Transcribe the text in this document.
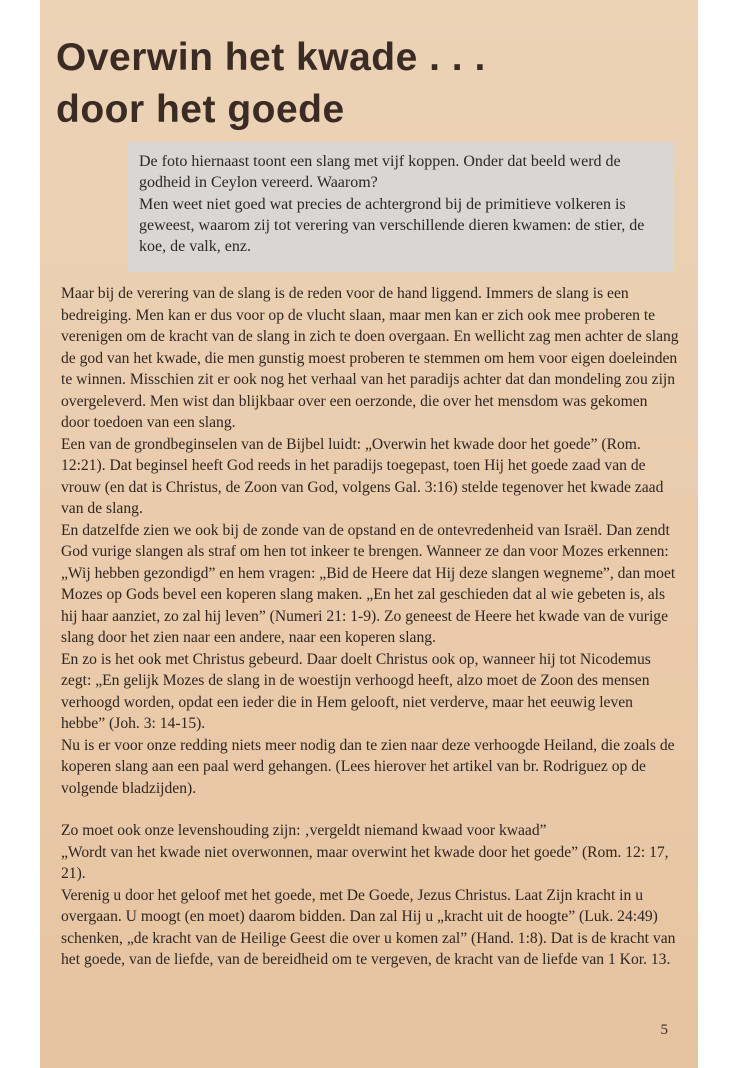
Overwin het kwade . . .
door het goede

De foto hiernaast toont een slang met vijf koppen. Onder dat beeld werd de godheid in Ceylon vereerd. Waarom?

Men weet niet goed wat precies de achtergrond bij de primitieve volkeren is geweest, waarom zij tot verering van verschillende dieren kwamen: de stier, de koe, de valk, enz.

Maar bij de verering van de slang is de reden voor de hand liggend. Immers de slang is een bedreiging. Men kan er dus voor op de vlucht slaan, maar men kan er zich ook mee proberen te verenigen om de kracht van de slang in zich te doen overgaan. En wellicht zag men achter de slang de god van het kwade, die men gunstig moest proberen te stemmen om hem voor eigen doeleinden te winnen. Misschien zit er ook nog het verhaal van het paradijs achter dat dan mondeling zou zijn overgeleverd. Men wist dan blijkbaar over een oerzonde, die over het mensdom was gekomen door toedoen van een slang.

Een van de grondbeginselen van de Bijbel luidt: „Overwin het kwade door het goede” (Rom. 12:21). Dat beginsel heeft God reeds in het paradijs toegepast, toen Hij het goede zaad van de vrouw (en dat is Christus, de Zoon van God, volgens Gal. 3:16) stelde tegenover het kwade zaad van de slang.

En datzelfde zien we ook bij de zonde van de opstand en de ontevredenheid van Israël. Dan zendt God vurige slangen als straf om hen tot inkeer te brengen. Wanneer ze dan voor Mozes erkennen: „Wij hebben gezondigd” en hem vragen: „Bid de Heere dat Hij deze slangen wegneme”, dan moet Mozes op Gods bevel een koperen slang maken. „En het zal geschieden dat al wie gebeten is, als hij haar aanziet, zo zal hij leven” (Numeri 21: 1-9). Zo geneest de Heere het kwade van de vurige slang door het zien naar een andere, naar een koperen slang.

En zo is het ook met Christus gebeurd. Daar doelt Christus ook op, wanneer hij tot Nicodemus zegt: „En gelijk Mozes de slang in de woestijn verhoogd heeft, alzo moet de Zoon des mensen verhoogd worden, opdat een ieder die in Hem gelooft, niet verderve, maar het eeuwig leven hebbe” (Joh. 3: 14-15).

Nu is er voor onze redding niets meer nodig dan te zien naar deze verhoogde Heiland, die zoals de koperen slang aan een paal werd gehangen. (Lees hierover het artikel van br. Rodriguez op de volgende bladzijden).

Zo moet ook onze levenshouding zijn: ‚vergeldt niemand kwaad voor kwaad”

„Wordt van het kwade niet overwonnen, maar overwint het kwade door het goede” (Rom. 12: 17, 21).

Verenig u door het geloof met het goede, met De Goede, Jezus Christus. Laat Zijn kracht in u overgaan. U moogt (en moet) daarom bidden. Dan zal Hij u „kracht uit de hoogte” (Luk. 24:49) schenken, „de kracht van de Heilige Geest die over u komen zal” (Hand. 1:8). Dat is de kracht van het goede, van de liefde, van de bereidheid om te vergeven, de kracht van de liefde van 1 Kor. 13.

5
